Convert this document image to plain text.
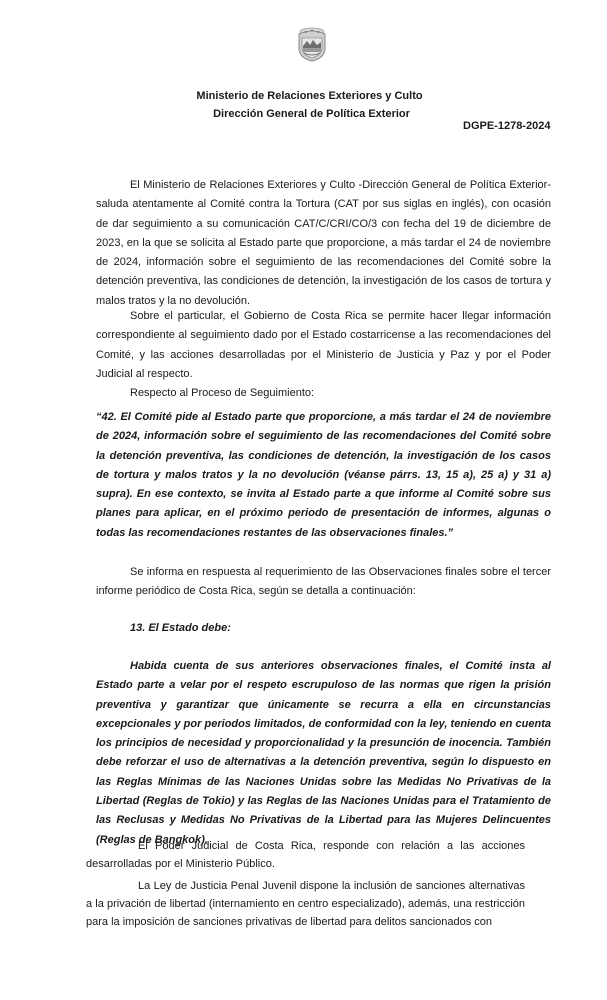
Ministerio de Relaciones Exteriores y Culto
Dirección General de Política Exterior
DGPE-1278-2024

El Ministerio de Relaciones Exteriores y Culto -Dirección General de Política Exterior- saluda atentamente al Comité contra la Tortura (CAT por sus siglas en inglés), con ocasión de dar seguimiento a su comunicación CAT/C/CRI/CO/3 con fecha del 19 de diciembre de 2023, en la que se solicita al Estado parte que proporcione, a más tardar el 24 de noviembre de 2024, información sobre el seguimiento de las recomendaciones del Comité sobre la detención preventiva, las condiciones de detención, la investigación de los casos de tortura y malos tratos y la no devolución.

Sobre el particular, el Gobierno de Costa Rica se permite hacer llegar información correspondiente al seguimiento dado por el Estado costarricense a las recomendaciones del Comité, y las acciones desarrolladas por el Ministerio de Justicia y Paz y por el Poder Judicial al respecto.

Respecto al Proceso de Seguimiento:

“42. El Comité pide al Estado parte que proporcione, a más tardar el 24 de noviembre de 2024, información sobre el seguimiento de las recomendaciones del Comité sobre la detención preventiva, las condiciones de detención, la investigación de los casos de tortura y malos tratos y la no devolución (véanse párrs. 13, 15 a), 25 a) y 31 a) supra). En ese contexto, se invita al Estado parte a que informe al Comité sobre sus planes para aplicar, en el próximo periodo de presentación de informes, algunas o todas las recomendaciones restantes de las observaciones finales.”

Se informa en respuesta al requerimiento de las Observaciones finales sobre el tercer informe periódico de Costa Rica, según se detalla a continuación:

13. El Estado debe:

Habida cuenta de sus anteriores observaciones finales, el Comité insta al Estado parte a velar por el respeto escrupuloso de las normas que rigen la prisión preventiva y garantizar que únicamente se recurra a ella en circunstancias excepcionales y por periodos limitados, de conformidad con la ley, teniendo en cuenta los principios de necesidad y proporcionalidad y la presunción de inocencia. También debe reforzar el uso de alternativas a la detención preventiva, según lo dispuesto en las Reglas Mínimas de las Naciones Unidas sobre las Medidas No Privativas de la Libertad (Reglas de Tokio) y las Reglas de las Naciones Unidas para el Tratamiento de las Reclusas y Medidas No Privativas de la Libertad para las Mujeres Delincuentes (Reglas de Bangkok).

El Poder Judicial de Costa Rica, responde con relación a las acciones desarrolladas por el Ministerio Público.

La Ley de Justicia Penal Juvenil dispone la inclusión de sanciones alternativas a la privación de libertad (internamiento en centro especializado), además, una restricción para la imposición de sanciones privativas de libertad para delitos sancionados con
